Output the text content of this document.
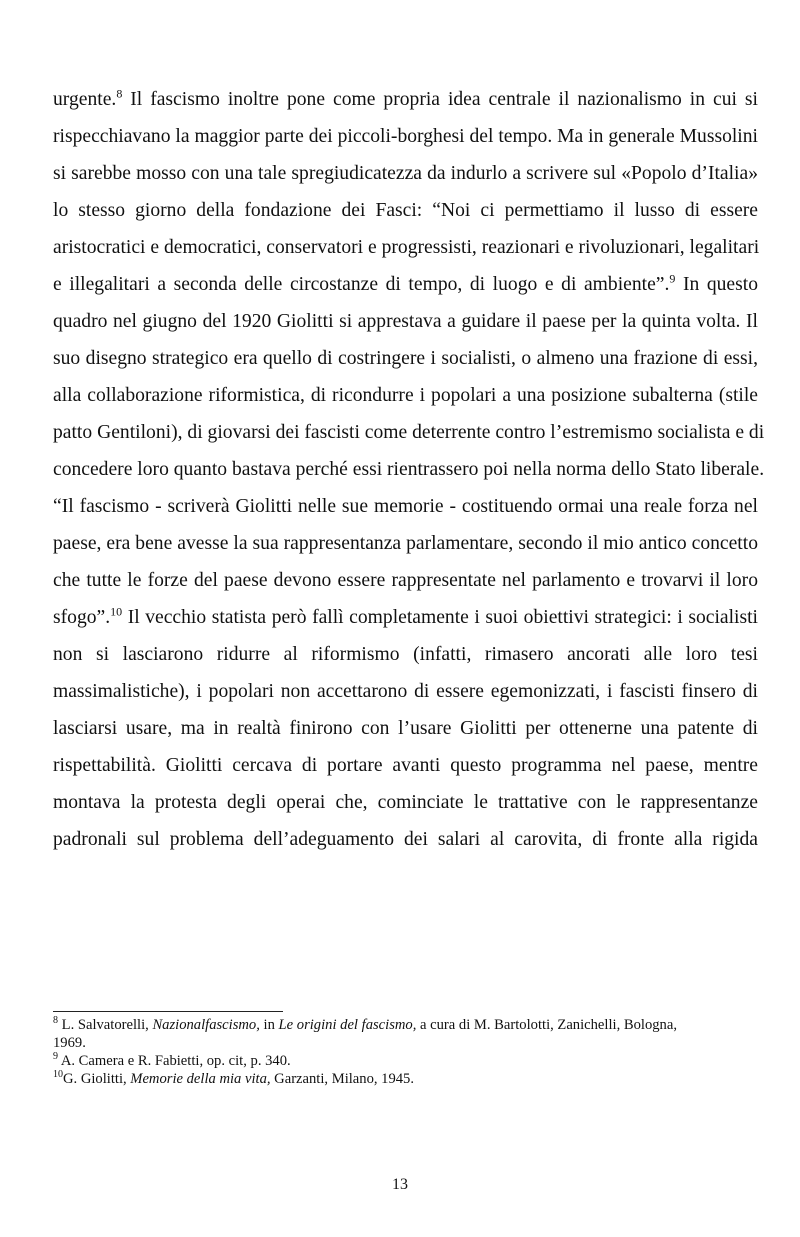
urgente.$^8$ Il fascismo inoltre pone come propria idea centrale il nazionalismo in cui si
rispecchiavano la maggior parte dei piccoli-borghesi del tempo. Ma in generale Mussolini
si sarebbe mosso con una tale spregiudicatezza da indurlo a scrivere sul «Popolo d’Italia»
lo stesso giorno della fondazione dei Fasci: “Noi ci permettiamo il lusso di essere
aristocratici e democratici, conservatori e progressisti, reazionari e rivoluzionari, legalitari
e illegalitari a seconda delle circostanze di tempo, di luogo e di ambiente”.$^9$ In questo
quadro nel giugno del 1920 Giolitti si apprestava a guidare il paese per la quinta volta. Il
suo disegno strategico era quello di costringere i socialisti, o almeno una frazione di essi,
alla collaborazione riformistica, di ricondurre i popolari a una posizione subalterna (stile
patto Gentiloni), di giovarsi dei fascisti come deterrente contro l’estremismo socialista e di
concedere loro quanto bastava perché essi rientrassero poi nella norma dello Stato liberale.
“Il fascismo - scriverà Giolitti nelle sue memorie - costituendo ormai una reale forza nel
paese, era bene avesse la sua rappresentanza parlamentare, secondo il mio antico concetto
che tutte le forze del paese devono essere rappresentate nel parlamento e trovarvi il loro
sfogo”.$^{10}$ Il vecchio statista però fallì completamente i suoi obiettivi strategici: i socialisti
non si lasciarono ridurre al riformismo (infatti, rimasero ancorati alle loro tesi
massimalistiche), i popolari non accettarono di essere egemonizzati, i fascisti finsero di
lasciarsi usare, ma in realtà finirono con l’usare Giolitti per ottenerne una patente di
rispettabilità. Giolitti cercava di portare avanti questo programma nel paese, mentre
montava la protesta degli operai che, cominciate le trattative con le rappresentanze
padronali sul problema dell’adeguamento dei salari al carovita, di fronte alla rigida
$^8$ L. Salvatorelli, Nazionalfascismo, in Le origini del fascismo, a cura di M. Bartolotti, Zanichelli, Bologna,
1969.
$^9$ A. Camera e R. Fabietti, op. cit, p. 340.
$^{10}$G. Giolitti, Memorie della mia vita, Garzanti, Milano, 1945.
13
